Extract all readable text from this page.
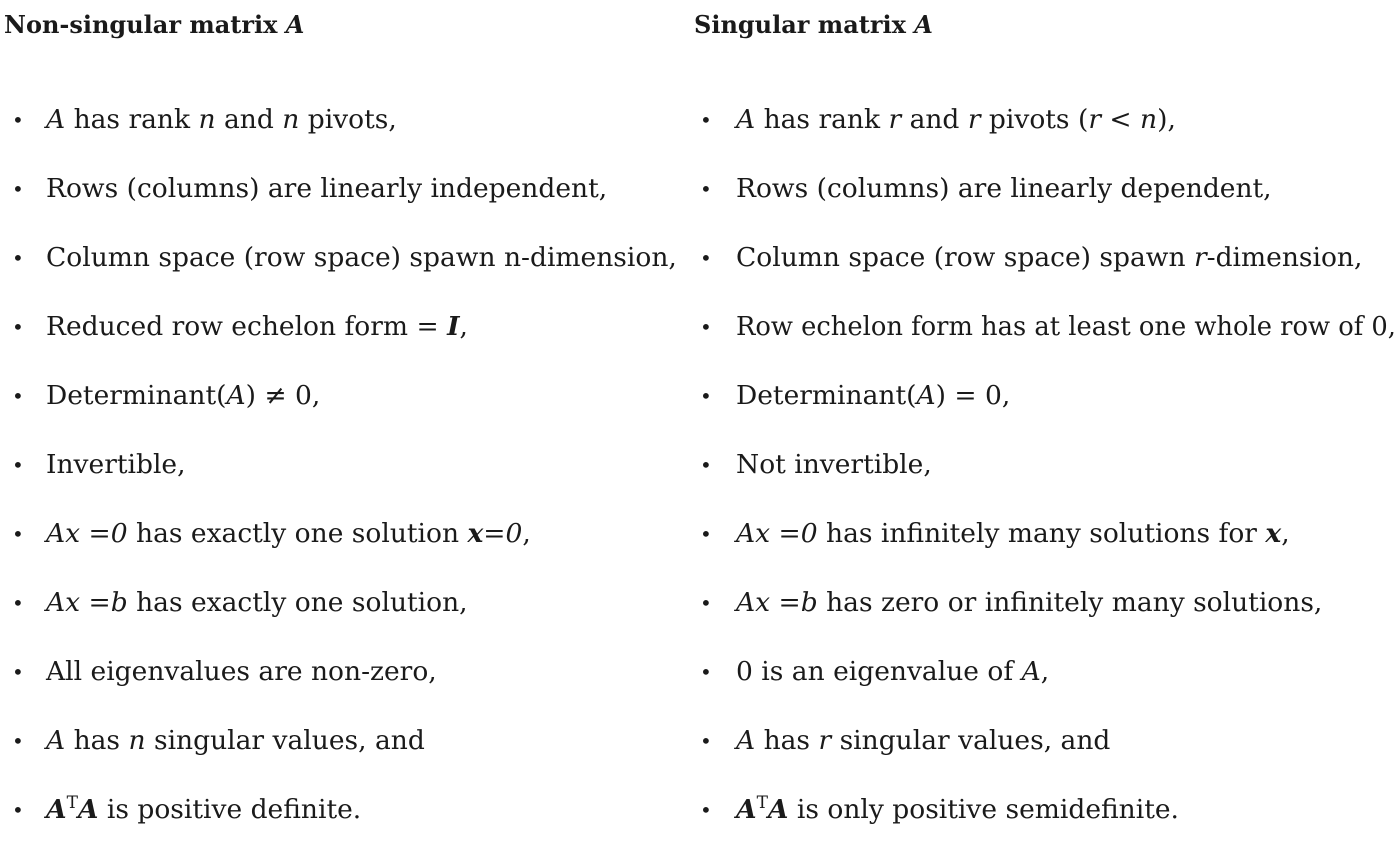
Non-singular matrix A
• A has rank n and n pivots,
• Rows (columns) are linearly independent,
• Column space (row space) spawn n-dimension,
• Reduced row echelon form = I,
• Determinant(A) ≠ 0,
• Invertible,
• Ax =0 has exactly one solution x=0,
• Ax =b has exactly one solution,
• All eigenvalues are non-zero,
• A has n singular values, and
• $A^TA$ is positive definite.
Singular matrix A
• A has rank r and r pivots (r < n),
• Rows (columns) are linearly dependent,
• Column space (row space) spawn r-dimension,
• Row echelon form has at least one whole row of 0,
• Determinant(A) = 0,
• Not invertible,
• Ax =0 has infinitely many solutions for x,
• Ax =b has zero or infinitely many solutions,
• 0 is an eigenvalue of A,
• A has r singular values, and
• $A^TA$ is only positive semidefinite.
